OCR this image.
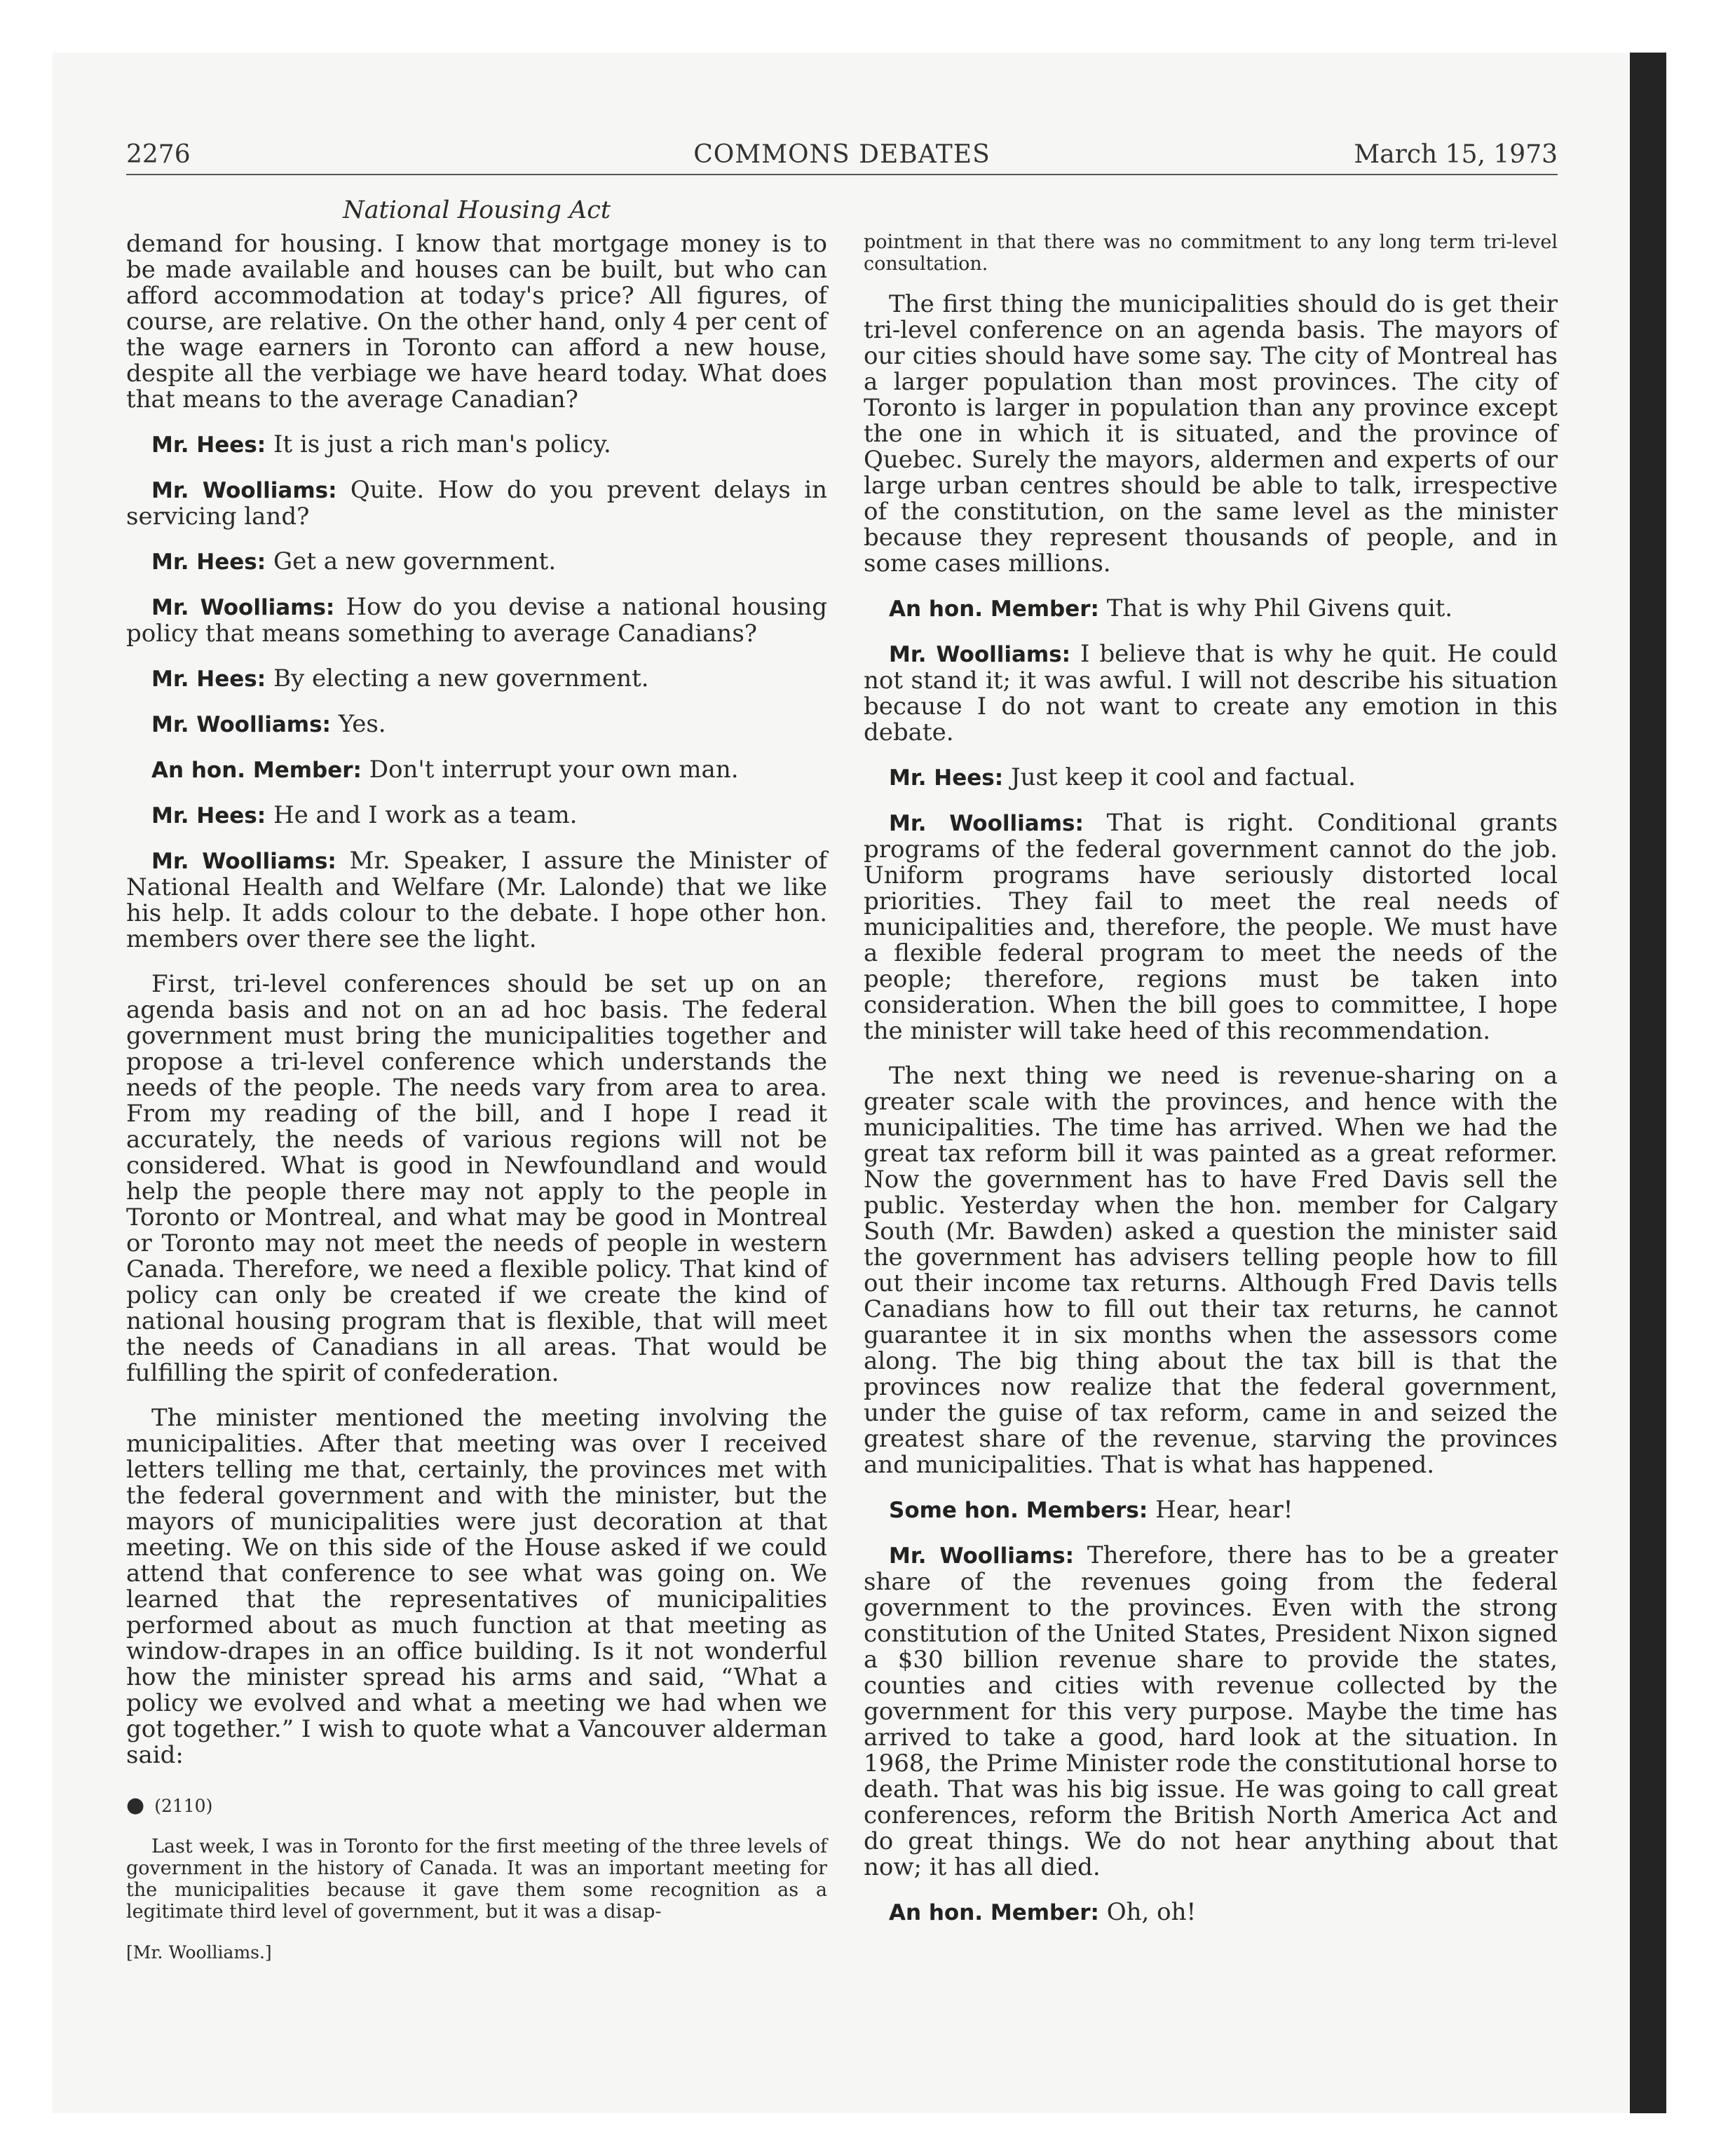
2276	COMMONS DEBATES	March 15, 1973
National Housing Act

demand for housing. I know that mortgage money is to be made available and houses can be built, but who can afford accommodation at today's price? All figures, of course, are relative. On the other hand, only 4 per cent of the wage earners in Toronto can afford a new house, despite all the verbiage we have heard today. What does that means to the average Canadian?

Mr. Hees: It is just a rich man's policy.

Mr. Woolliams: Quite. How do you prevent delays in servicing land?

Mr. Hees: Get a new government.

Mr. Woolliams: How do you devise a national housing policy that means something to average Canadians?

Mr. Hees: By electing a new government.

Mr. Woolliams: Yes.

An hon. Member: Don't interrupt your own man.

Mr. Hees: He and I work as a team.

Mr. Woolliams: Mr. Speaker, I assure the Minister of National Health and Welfare (Mr. Lalonde) that we like his help. It adds colour to the debate. I hope other hon. members over there see the light.

First, tri-level conferences should be set up on an agenda basis and not on an ad hoc basis. The federal government must bring the municipalities together and propose a tri-level conference which understands the needs of the people. The needs vary from area to area. From my reading of the bill, and I hope I read it accurately, the needs of various regions will not be considered. What is good in Newfoundland and would help the people there may not apply to the people in Toronto or Montreal, and what may be good in Montreal or Toronto may not meet the needs of people in western Canada. Therefore, we need a flexible policy. That kind of policy can only be created if we create the kind of national housing program that is flexible, that will meet the needs of Canadians in all areas. That would be fulfilling the spirit of confederation.

The minister mentioned the meeting involving the municipalities. After that meeting was over I received letters telling me that, certainly, the provinces met with the federal government and with the minister, but the mayors of municipalities were just decoration at that meeting. We on this side of the House asked if we could attend that conference to see what was going on. We learned that the representatives of municipalities performed about as much function at that meeting as window-drapes in an office building. Is it not wonderful how the minister spread his arms and said, “What a policy we evolved and what a meeting we had when we got together.” I wish to quote what a Vancouver alderman said:

● (2110)

Last week, I was in Toronto for the first meeting of the three levels of government in the history of Canada. It was an important meeting for the municipalities because it gave them some recognition as a legitimate third level of government, but it was a disap-

[Mr. Woolliams.]

pointment in that there was no commitment to any long term tri-level consultation.

The first thing the municipalities should do is get their tri-level conference on an agenda basis. The mayors of our cities should have some say. The city of Montreal has a larger population than most provinces. The city of Toronto is larger in population than any province except the one in which it is situated, and the province of Quebec. Surely the mayors, aldermen and experts of our large urban centres should be able to talk, irrespective of the constitution, on the same level as the minister because they represent thousands of people, and in some cases millions.

An hon. Member: That is why Phil Givens quit.

Mr. Woolliams: I believe that is why he quit. He could not stand it; it was awful. I will not describe his situation because I do not want to create any emotion in this debate.

Mr. Hees: Just keep it cool and factual.

Mr. Woolliams: That is right. Conditional grants programs of the federal government cannot do the job. Uniform programs have seriously distorted local priorities. They fail to meet the real needs of municipalities and, therefore, the people. We must have a flexible federal program to meet the needs of the people; therefore, regions must be taken into consideration. When the bill goes to committee, I hope the minister will take heed of this recommendation.

The next thing we need is revenue-sharing on a greater scale with the provinces, and hence with the municipalities. The time has arrived. When we had the great tax reform bill it was painted as a great reformer. Now the government has to have Fred Davis sell the public. Yesterday when the hon. member for Calgary South (Mr. Bawden) asked a question the minister said the government has advisers telling people how to fill out their income tax returns. Although Fred Davis tells Canadians how to fill out their tax returns, he cannot guarantee it in six months when the assessors come along. The big thing about the tax bill is that the provinces now realize that the federal government, under the guise of tax reform, came in and seized the greatest share of the revenue, starving the provinces and municipalities. That is what has happened.

Some hon. Members: Hear, hear!

Mr. Woolliams: Therefore, there has to be a greater share of the revenues going from the federal government to the provinces. Even with the strong constitution of the United States, President Nixon signed a $30 billion revenue share to provide the states, counties and cities with revenue collected by the government for this very purpose. Maybe the time has arrived to take a good, hard look at the situation. In 1968, the Prime Minister rode the constitutional horse to death. That was his big issue. He was going to call great conferences, reform the British North America Act and do great things. We do not hear anything about that now; it has all died.

An hon. Member: Oh, oh!
